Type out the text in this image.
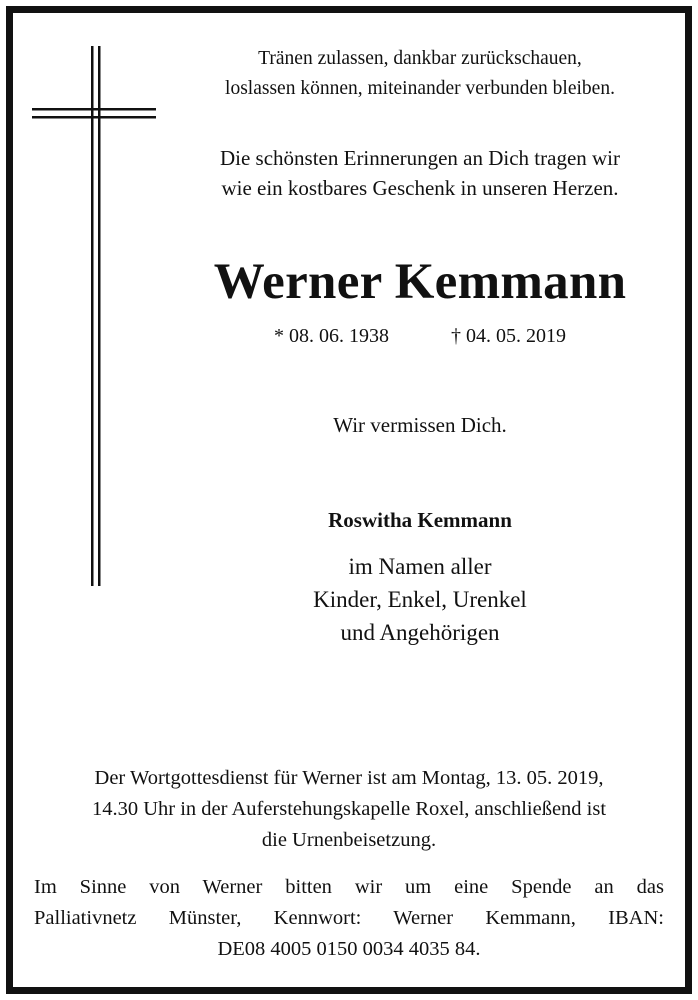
Tränen zulassen, dankbar zurückschauen,
loslassen können, miteinander verbunden bleiben.

Die schönsten Erinnerungen an Dich tragen wir
wie ein kostbares Geschenk in unseren Herzen.

Werner Kemmann
* 08. 06. 1938	† 04. 05. 2019

Wir vermissen Dich.

Roswitha Kemmann

im Namen aller
Kinder, Enkel, Urenkel
und Angehörigen

Der Wortgottesdienst für Werner ist am Montag, 13. 05. 2019,
14.30 Uhr in der Auferstehungskapelle Roxel, anschließend ist
die Urnenbeisetzung.

Im Sinne von Werner bitten wir um eine Spende an das
Palliativnetz Münster, Kennwort: Werner Kemmann, IBAN:
DE08 4005 0150 0034 4035 84.
